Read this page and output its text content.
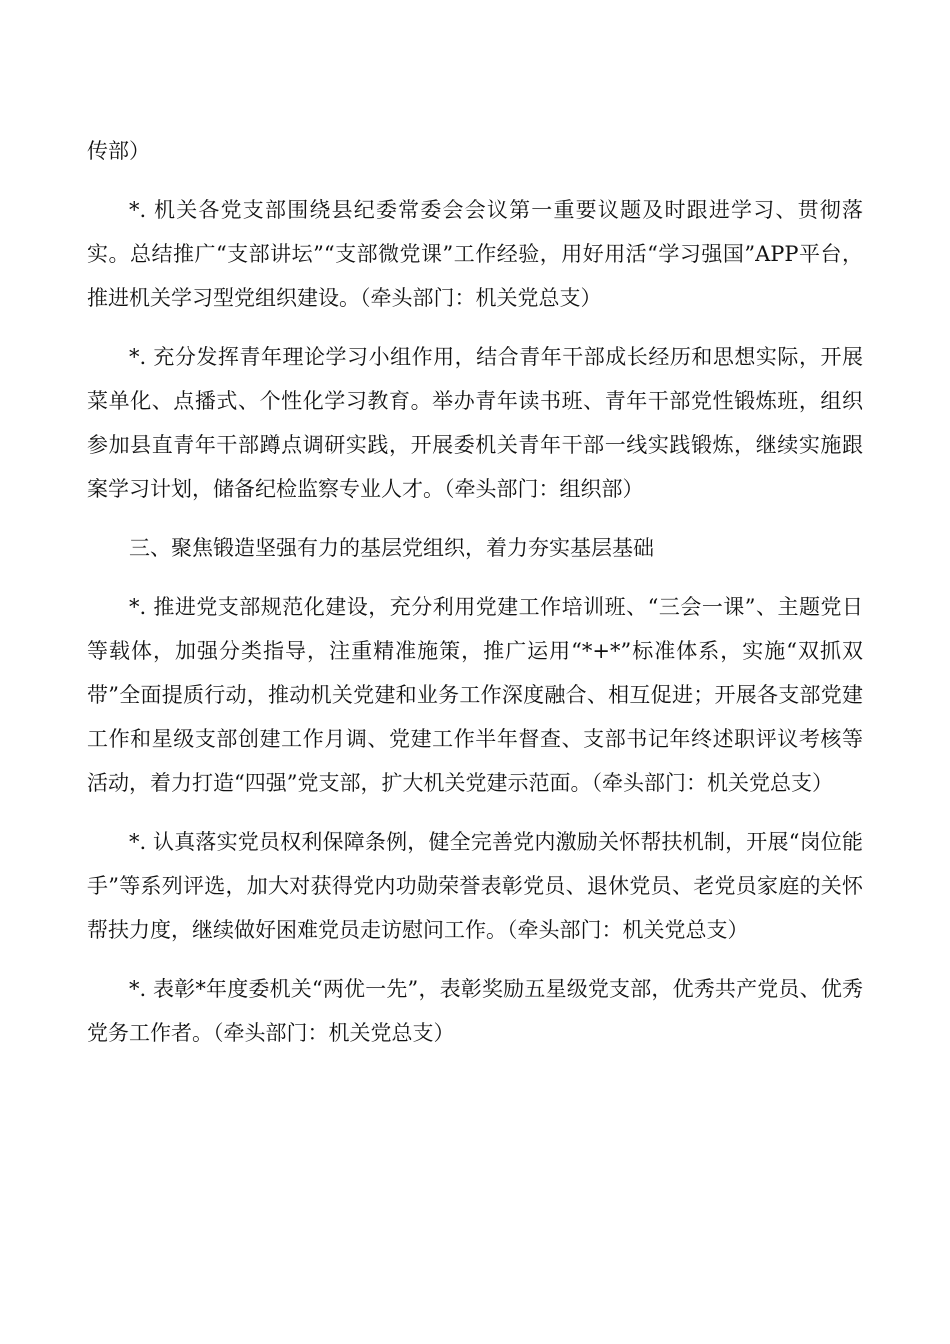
传部）

*. 机关各党支部围绕县纪委常委会会议第一重要议题及时跟进学习、贯彻落实。总结推广“支部讲坛”“支部微党课”工作经验，用好用活“学习强国”APP平台，推进机关学习型党组织建设。（牵头部门：机关党总支）

*. 充分发挥青年理论学习小组作用，结合青年干部成长经历和思想实际，开展菜单化、点播式、个性化学习教育。举办青年读书班、青年干部党性锻炼班，组织参加县直青年干部蹲点调研实践，开展委机关青年干部一线实践锻炼，继续实施跟案学习计划，储备纪检监察专业人才。（牵头部门：组织部）

三、聚焦锻造坚强有力的基层党组织，着力夯实基层基础

*. 推进党支部规范化建设，充分利用党建工作培训班、“三会一课”、主题党日等载体，加强分类指导，注重精准施策，推广运用“*+*”标准体系，实施“双抓双带”全面提质行动，推动机关党建和业务工作深度融合、相互促进；开展各支部党建工作和星级支部创建工作月调、党建工作半年督查、支部书记年终述职评议考核等活动，着力打造“四强”党支部，扩大机关党建示范面。（牵头部门：机关党总支）

*. 认真落实党员权利保障条例，健全完善党内激励关怀帮扶机制，开展“岗位能手”等系列评选，加大对获得党内功勋荣誉表彰党员、退休党员、老党员家庭的关怀帮扶力度，继续做好困难党员走访慰问工作。（牵头部门：机关党总支）

*. 表彰*年度委机关“两优一先”，表彰奖励五星级党支部，优秀共产党员、优秀党务工作者。（牵头部门：机关党总支）
